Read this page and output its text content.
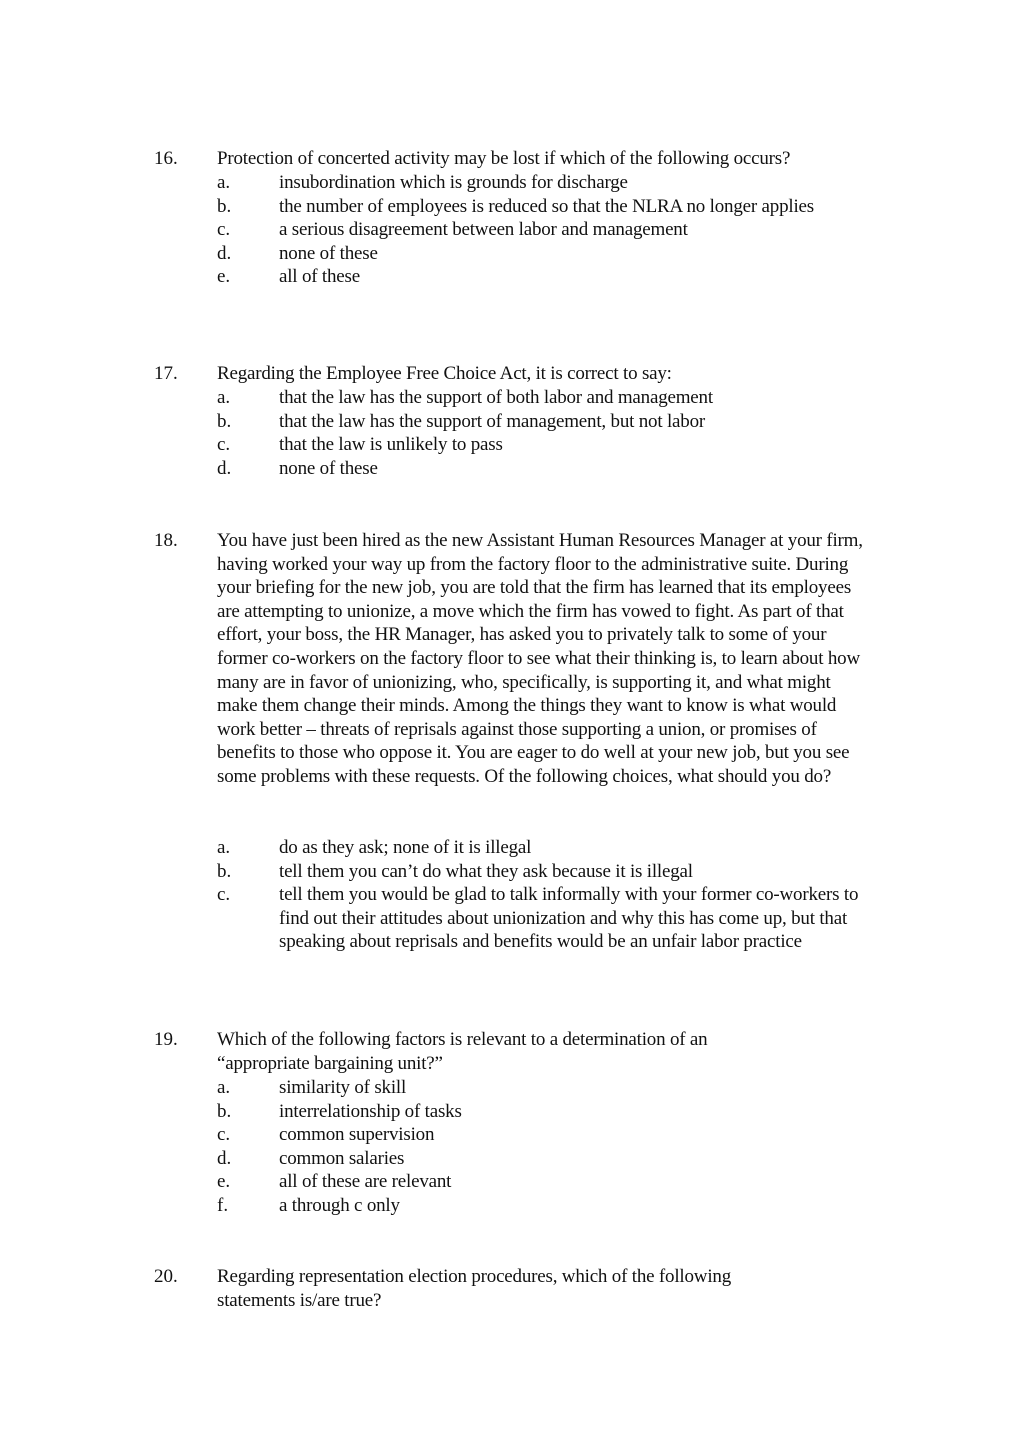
16. Protection of concerted activity may be lost if which of the following occurs?
a.	insubordination which is grounds for discharge
b.	the number of employees is reduced so that the NLRA no longer applies
c.	a serious disagreement between labor and management
d.	none of these
e.	all of these
17. Regarding the Employee Free Choice Act, it is correct to say:
a.	that the law has the support of both labor and management
b.	that the law has the support of management, but not labor
c.	that the law is unlikely to pass
d.	none of these
18. You have just been hired as the new Assistant Human Resources Manager at your firm, having worked your way up from the factory floor to the administrative suite. During your briefing for the new job, you are told that the firm has learned that its employees are attempting to unionize, a move which the firm has vowed to fight. As part of that effort, your boss, the HR Manager, has asked you to privately talk to some of your former co-workers on the factory floor to see what their thinking is, to learn about how many are in favor of unionizing, who, specifically, is supporting it, and what might make them change their minds. Among the things they want to know is what would work better – threats of reprisals against those supporting a union, or promises of benefits to those who oppose it. You are eager to do well at your new job, but you see some problems with these requests. Of the following choices, what should you do?
a.	do as they ask; none of it is illegal
b.	tell them you can’t do what they ask because it is illegal
c.	tell them you would be glad to talk informally with your former co-workers to find out their attitudes about unionization and why this has come up, but that speaking about reprisals and benefits would be an unfair labor practice
19. Which of the following factors is relevant to a determination of an “appropriate bargaining unit?”
a.	similarity of skill
b.	interrelationship of tasks
c.	common supervision
d.	common salaries
e.	all of these are relevant
f.	a through c only
20. Regarding representation election procedures, which of the following statements is/are true?
